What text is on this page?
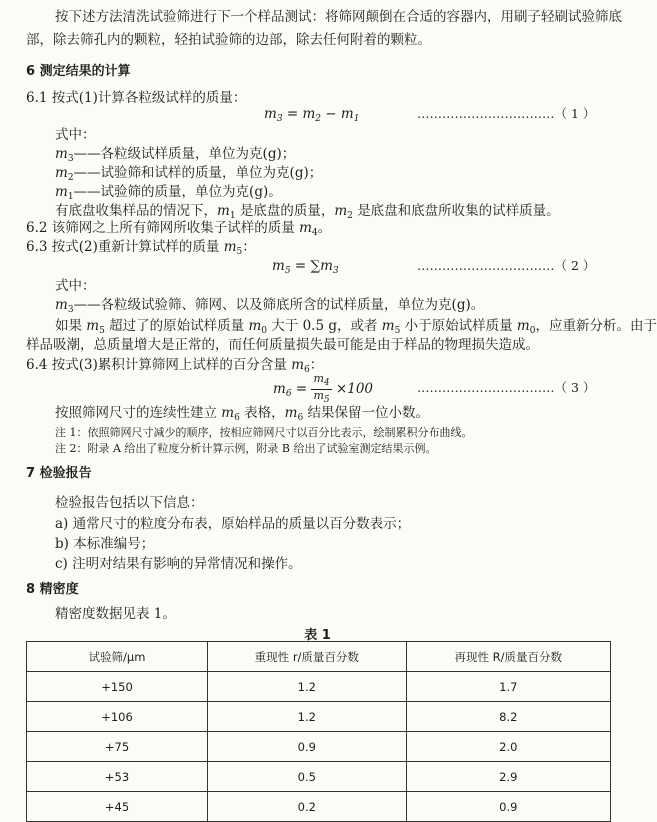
按下述方法清洗试验筛进行下一个样品测试：将筛网颠倒在合适的容器内，用刷子轻刷试验筛底
部，除去筛孔内的颗粒，轻拍试验筛的边部，除去任何附着的颗粒。
6 测定结果的计算
6.1 按式(1)计算各粒级试样的质量：
$m_3 = m_2 - m_1$	……………………………（ 1 ）
式中：
$m_3——$各粒级试样质量，单位为克(g)；
$m_2——$试验筛和试样的质量，单位为克(g)；
$m_1——$试验筛的质量，单位为克(g)。
有底盘收集样品的情况下，$m_1$ 是底盘的质量，$m_2$ 是底盘和底盘所收集的试样质量。
6.2 该筛网之上所有筛网所收集子试样的质量 $m_4$。
6.3 按式(2)重新计算试样的质量 $m_5$：
$m_5 = \sum m_3$	……………………………（ 2 ）
式中：
$m_3——$各粒级试验筛、筛网、以及筛底所含的试样质量，单位为克(g)。
如果 $m_5$ 超过了的原始试样质量 $m_0$ 大于 0.5 g，或者 $m_5$ 小于原始试样质量 $m_0$，应重新分析。由于
样品吸潮，总质量增大是正常的，而任何质量损失最可能是由于样品的物理损失造成。
6.4 按式(3)累积计算筛网上试样的百分含量 $m_6$：
$m_6 = \frac{m_4}{m_5} \times 100$	……………………………（ 3 ）
按照筛网尺寸的连续性建立 $m_6$ 表格，$m_6$ 结果保留一位小数。
注 1：依照筛网尺寸减少的顺序，按相应筛网尺寸以百分比表示，绘制累积分布曲线。
注 2：附录 A 给出了粒度分析计算示例，附录 B 给出了试验室测定结果示例。
7 检验报告
检验报告包括以下信息：
a) 通常尺寸的粒度分布表，原始样品的质量以百分数表示；
b) 本标准编号；
c) 注明对结果有影响的异常情况和操作。
8 精密度
精密度数据见表 1。
表 1
试验筛/μm	重现性 r/质量百分数	再现性 R/质量百分数
+150	1.2	1.7
+106	1.2	8.2
+75	0.9	2.0
+53	0.5	2.9
+45	0.2	0.9
